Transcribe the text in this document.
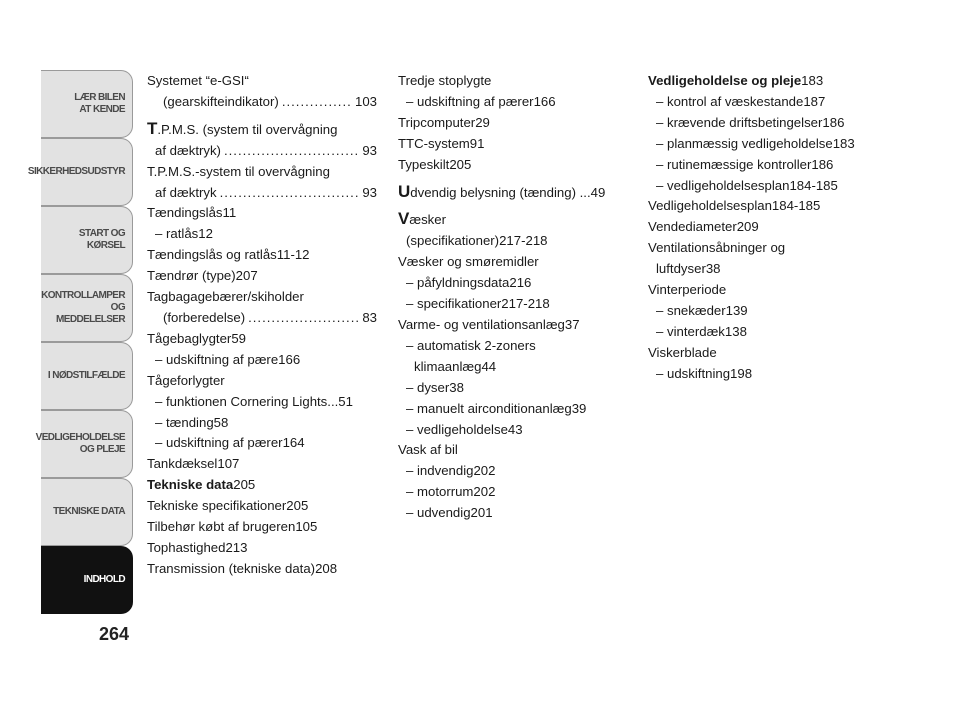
LÆR BILEN
AT KENDE
SIKKERHEDSUDSTYR
START OG KØRSEL
KONTROLLAMPER
OG MEDDELELSER
I NØDSTILFÆLDE
VEDLIGEHOLDELSE
OG PLEJE
TEKNISKE DATA
INDHOLD
264
Systemet “e-GSI“
(gearskifteindikator) .....	103
T.P.M.S. (system til overvågning
af dæktryk) .....	93
T.P.M.S.-system til overvågning
af dæktryk .....	93
Tændingslås11
– ratlås12
Tændingslås og ratlås11-12
Tændrør (type)207
Tagbagagebærer/skiholder
(forberedelse) .....	83
Tågebaglygter59
– udskiftning af pære166
Tågeforlygter
– funktionen Cornering Lights...51
– tænding58
– udskiftning af pærer164
Tankdæksel107
Tekniske data205
Tekniske specifikationer205
Tilbehør købt af brugeren105
Tophastighed213
Transmission (tekniske data)208
Tredje stoplygte
– udskiftning af pærer166
Tripcomputer29
TTC-system91
Typeskilt205
Udvendig belysning (tænding) ...49
Væsker
(specifikationer)217-218
Væsker og smøremidler
– påfyldningsdata216
– specifikationer217-218
Varme- og ventilationsanlæg37
– automatisk 2-zoners
klimaanlæg44
– dyser38
– manuelt airconditionanlæg39
– vedligeholdelse43
Vask af bil
– indvendig202
– motorrum202
– udvendig201
Vedligeholdelse og pleje183
– kontrol af væskestande187
– krævende driftsbetingelser186
– planmæssig vedligeholdelse183
– rutinemæssige kontroller186
– vedligeholdelsesplan184-185
Vedligeholdelsesplan184-185
Vendediameter209
Ventilationsåbninger og
luftdyser38
Vinterperiode
– snekæder139
– vinterdæk138
Viskerblade
– udskiftning198
